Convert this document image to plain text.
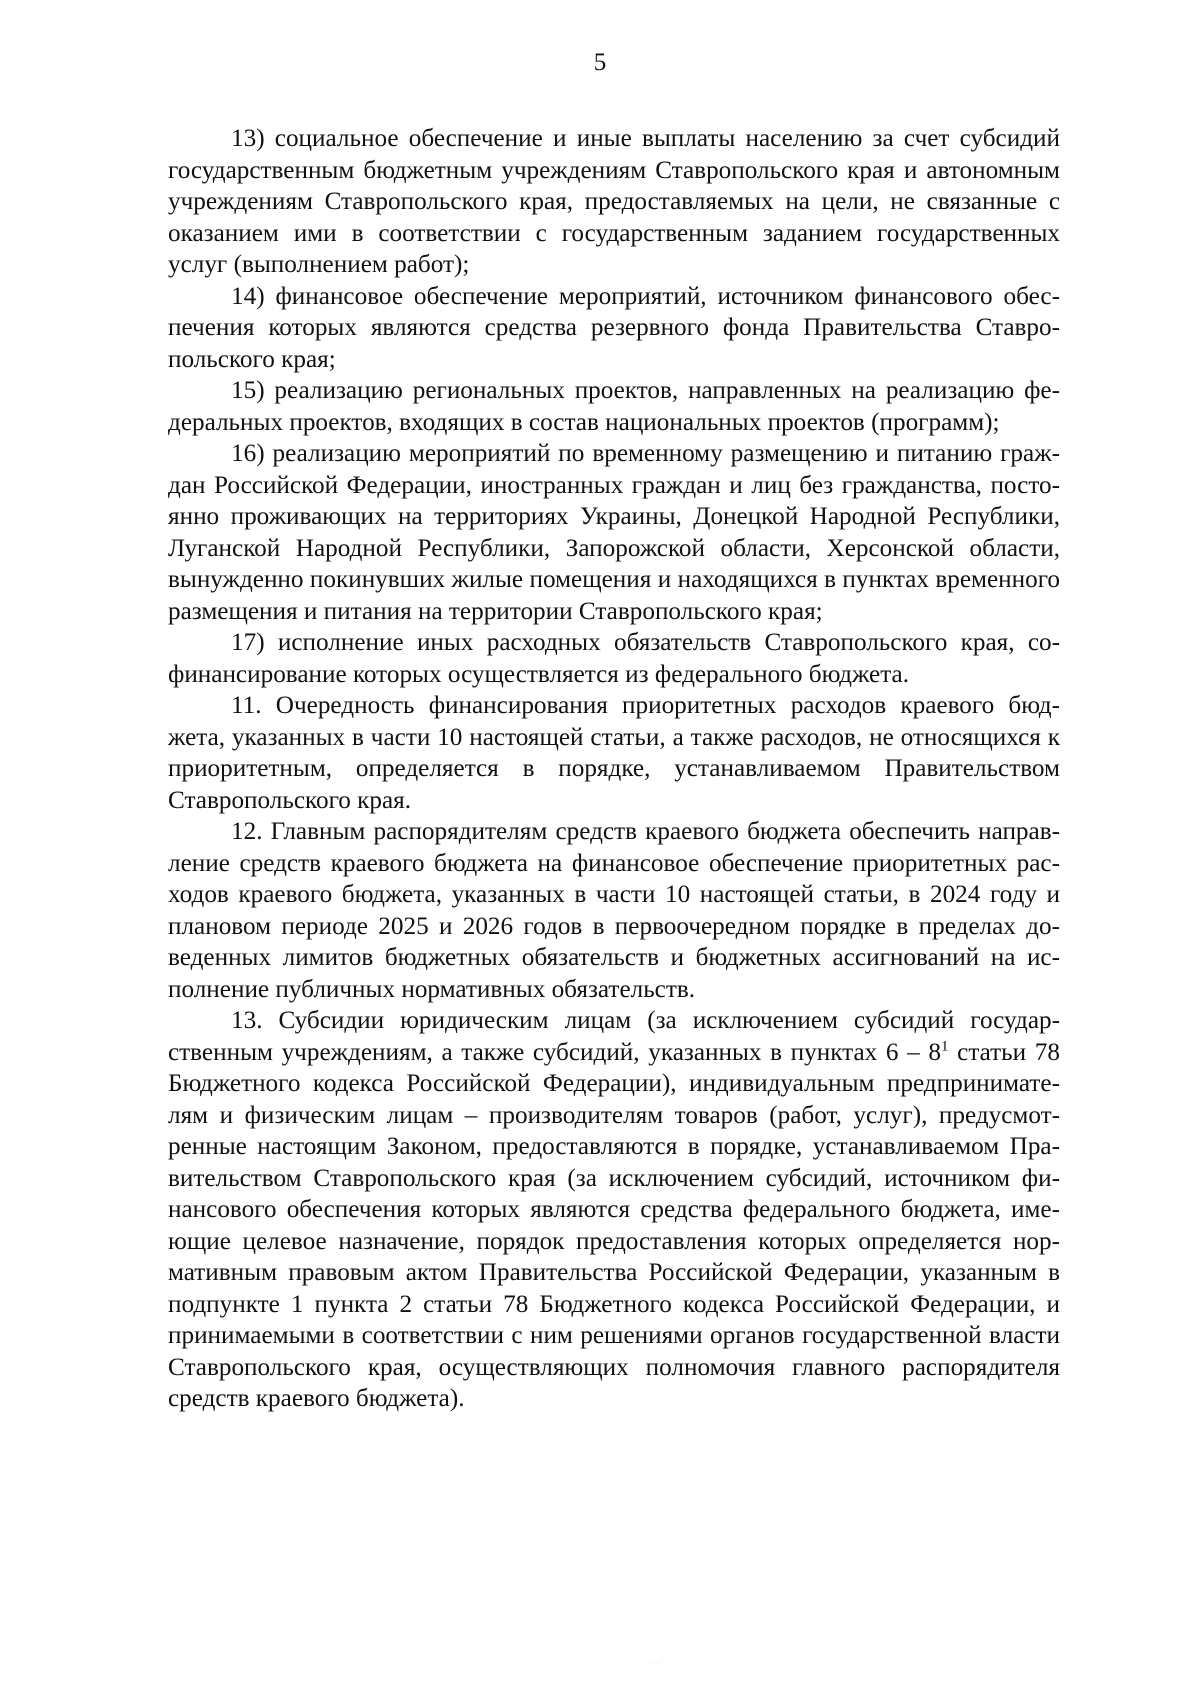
5

13) социальное обеспечение и иные выплаты населению за счет субсидий государственным бюджетным учреждениям Ставропольского края и автономным учреждениям Ставропольского края, предоставляемых на цели, не связанные с оказанием ими в соответствии с государственным заданием государственных услуг (выполнением работ);

14) финансовое обеспечение мероприятий, источником финансового обеспечения которых являются средства резервного фонда Правительства Ставропольского края;

15) реализацию региональных проектов, направленных на реализацию федеральных проектов, входящих в состав национальных проектов (программ);

16) реализацию мероприятий по временному размещению и питанию граждан Российской Федерации, иностранных граждан и лиц без гражданства, постоянно проживающих на территориях Украины, Донецкой Народной Республики, Луганской Народной Республики, Запорожской области, Херсонской области, вынужденно покинувших жилые помещения и находящихся в пунктах временного размещения и питания на территории Ставропольского края;

17) исполнение иных расходных обязательств Ставропольского края, софинансирование которых осуществляется из федерального бюджета.

11. Очередность финансирования приоритетных расходов краевого бюджета, указанных в части 10 настоящей статьи, а также расходов, не относящихся к приоритетным, определяется в порядке, устанавливаемом Правительством Ставропольского края.

12. Главным распорядителям средств краевого бюджета обеспечить направление средств краевого бюджета на финансовое обеспечение приоритетных расходов краевого бюджета, указанных в части 10 настоящей статьи, в 2024 году и плановом периоде 2025 и 2026 годов в первоочередном порядке в пределах доведенных лимитов бюджетных обязательств и бюджетных ассигнований на исполнение публичных нормативных обязательств.

13. Субсидии юридическим лицам (за исключением субсидий государственным учреждениям, а также субсидий, указанных в пунктах $6 - 8^1$ статьи 78 Бюджетного кодекса Российской Федерации), индивидуальным предпринимателям и физическим лицам – производителям товаров (работ, услуг), предусмотренные настоящим Законом, предоставляются в порядке, устанавливаемом Правительством Ставропольского края (за исключением субсидий, источником финансового обеспечения которых являются средства федерального бюджета, имеющие целевое назначение, порядок предоставления которых определяется нормативным правовым актом Правительства Российской Федерации, указанным в подпункте 1 пункта 2 статьи 78 Бюджетного кодекса Российской Федерации, и принимаемыми в соответствии с ним решениями органов государственной власти Ставропольского края, осуществляющих полномочия главного распорядителя средств краевого бюджета).

· ·
